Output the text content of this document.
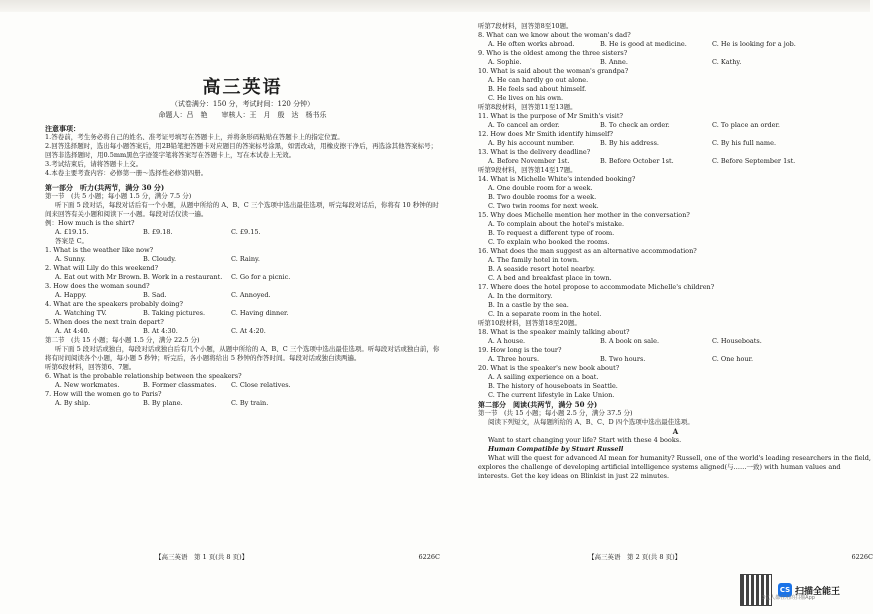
高三英语
（试卷满分：150 分，考试时间：120 分钟）
命题人：吕　艳　　审核人：王　月　殷　达　杨书乐
注意事项：
1.答卷前，考生务必将自己的姓名、准考证号填写在答题卡上，并将条形码粘贴在答题卡上的指定位置。
2.回答选择题时，选出每小题答案后，用2B铅笔把答题卡对应题目的答案标号涂黑，如需改动，用橡皮擦干净后，再选涂其他答案标号；回答非选择题时，用0.5mm黑色字迹签字笔将答案写在答题卡上，写在本试卷上无效。
3.考试结束后，请将答题卡上交。
4.本卷主要考查内容：必修第一册～选择性必修第四册。
第一部分　听力(共两节，满分 30 分)
第一节　(共 5 小题；每小题 1.5 分，满分 7.5 分)
听下面 5 段对话，每段对话后有一个小题，从题中所给的 A、B、C 三个选项中选出最佳选项，听完每段对话后，你将有 10 秒钟的时间来回答有关小题和阅读下一小题。每段对话仅读一遍。
例：How much is the shirt?
A. £19.15.	B. £9.18.	C. £9.15.
答案是 C。
1. What is the weather like now?
A. Sunny.	B. Cloudy.	C. Rainy.
2. What will Lily do this weekend?
A. Eat out with Mr Brown. B. Work in a restaurant.	C. Go for a picnic.
3. How does the woman sound?
A. Happy.	B. Sad.	C. Annoyed.
4. What are the speakers probably doing?
A. Watching TV.	B. Taking pictures.	C. Having dinner.
5. When does the next train depart?
A. At 4:40.	B. At 4:30.	C. At 4:20.
第二节　(共 15 小题；每小题 1.5 分，满分 22.5 分)
听下面 5 段对话或独白，每段对话或独白后有几个小题，从题中所给的 A、B、C 三个选项中选出最佳选项。听每段对话或独白前，你将有时间阅读各个小题，每小题 5 秒钟；听完后，各小题将给出 5 秒钟的作答时间。每段对话或独白读两遍。
听第6段材料，回答第6、7题。
6. What is the probable relationship between the speakers?
A. New workmates.	B. Former classmates.	C. Close relatives.
7. How will the women go to Paris?
A. By ship.	B. By plane.	C. By train.
【高三英语　第 1 页(共 8 页)】	6226C
听第7段材料，回答第8至10题。
8. What can we know about the woman's dad?
A. He often works abroad.	B. He is good at medicine.	C. He is looking for a job.
9. Who is the oldest among the three sisters?
A. Sophie.	B. Anne.	C. Kathy.
10. What is said about the woman's grandpa?
A. He can hardly go out alone.
B. He feels sad about himself.
C. He lives on his own.
听第8段材料，回答第11至13题。
11. What is the purpose of Mr Smith's visit?
A. To cancel an order.	B. To check an order.	C. To place an order.
12. How does Mr Smith identify himself?
A. By his account number.	B. By his address.	C. By his full name.
13. What is the delivery deadline?
A. Before November 1st.	B. Before October 1st.	C. Before September 1st.
听第9段材料，回答第14至17题。
14. What is Michelle White's intended booking?
A. One double room for a week.
B. Two double rooms for a week.
C. Two twin rooms for next week.
15. Why does Michelle mention her mother in the conversation?
A. To complain about the hotel's mistake.
B. To request a different type of room.
C. To explain who booked the rooms.
16. What does the man suggest as an alternative accommodation?
A. The family hotel in town.
B. A seaside resort hotel nearby.
C. A bed and breakfast place in town.
17. Where does the hotel propose to accommodate Michelle's children?
A. In the dormitory.
B. In a castle by the sea.
C. In a separate room in the hotel.
听第10段材料，回答第18至20题。
18. What is the speaker mainly talking about?
A. A house.	B. A book on sale.	C. Houseboats.
19. How long is the tour?
A. Three hours.	B. Two hours.	C. One hour.
20. What is the speaker's new book about?
A. A sailing experience on a boat.
B. The history of houseboats in Seattle.
C. The current lifestyle in Lake Union.
第二部分　阅读(共两节，满分 50 分)
第一节　(共 15 小题；每小题 2.5 分，满分 37.5 分)
阅读下列短文，从每题所给的 A、B、C、D 四个选项中选出最佳选项。
A
Want to start changing your life? Start with these 4 books.
Human Compatible by Stuart Russell
What will the quest for advanced AI mean for humanity? Russell, one of the world's leading researchers in the field, explores the challenge of developing artificial intelligence systems aligned(与……一致) with human values and interests. Get the key ideas on Blinkist in just 22 minutes.
【高三英语　第 2 页(共 8 页)】	6226C
CS 扫描全能王
3亿人都在用的扫描App
